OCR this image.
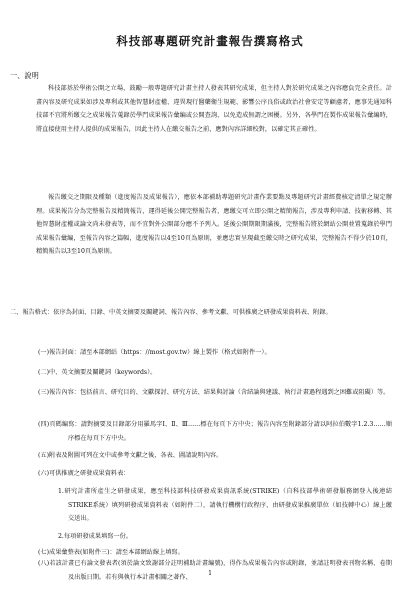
科技部專題研究計畫報告撰寫格式
一、說明

科技部基於學術公開之立場，鼓勵一般專題研究計畫主持人發表其研究成果，但主持人對於研究成果之內容應負完全責任。計畫內容及研究成果如涉及專利或其他智慧財產權、違異現行醫藥衛生規範、影響公序良俗或政治社會安定等顧慮者，應事先通知科技部不宜將所繳交之成果報告蒐錄於學門成果報告彙編或公開查詢，以免造成無謂之困擾。另外，各學門在製作成果報告彙編時，將直接使用主持人提供的成果報告，因此主持人在繳交報告之前，應對內容詳細校對，以確定其正確性。

報告繳交之期限及種類（進度報告及成果報告），應依本部補助專題研究計畫作業要點及專題研究計畫經費核定清單之規定辦理。成果報告分為完整報告及精簡報告，運得延後公開完整報告者，應繳交可立即公開之精簡報告，涉及專利申請、技術移轉、其他智慧財產權或論文尚未發表等，而不宜對外公開部分應不予列入。延後公開期限期滿後，完整報告將於網站公開並置蒐錄於學門成果報告彙編，至報告內容之篇幅，進度報告以4至10頁為原則，並應忠實呈現截至繳交時之研究成果，完整報告不得少於10頁，精簡報告以3至10頁為原則。

二、報告格式：依序為封面、目錄、中英文摘要及關鍵詞、報告內容、參考文獻、可供推廣之研發成果資料表、附錄。

(一)報告封面：請至本部網站（https：//most.gov.tw）線上製作（格式如附件一）。

(二)中、英文摘要及關鍵詞（keywords）。

(三)報告內容：包括前言、研究目的、文獻探討、研究方法、結果與討論（含結論與建議、執行計畫過程遇到之困難或阻礙）等。

(四)頁碼編寫：請對摘要及目錄部分用羅馬字Ⅰ、Ⅱ、Ⅲ……標在每頁下方中央；報告內容至附錄部分請以阿拉伯數字1.2.3……順序標在每頁下方中央。

(五)附表及附圖可列在文中或參考文獻之後，各表、圖請說明內容。

(六)可供推廣之研發成果資料表：

1.研究計畫所產生之研發成果，應至科技部科技研發成果資訊系統(STRIKE)（自科技部學術研發服務網登入後連結STRIKE系統）填列研發成果資料表（如附件二），請執行機構行政程序，由研發成果推廣單位（如技轉中心）線上繳交送出。

2.每項研發成果填寫一份。

(七)成果彙整表(如附件三)：請至本部網站線上填寫。

(八)若該計畫已有論文發表者(須於論文致謝部分註明補助計畫編號)，得作為成果報告內容或附錄，並請註明發表刊物名稱、卷期及出版日期。若有與執行本計畫相關之著作、

1
